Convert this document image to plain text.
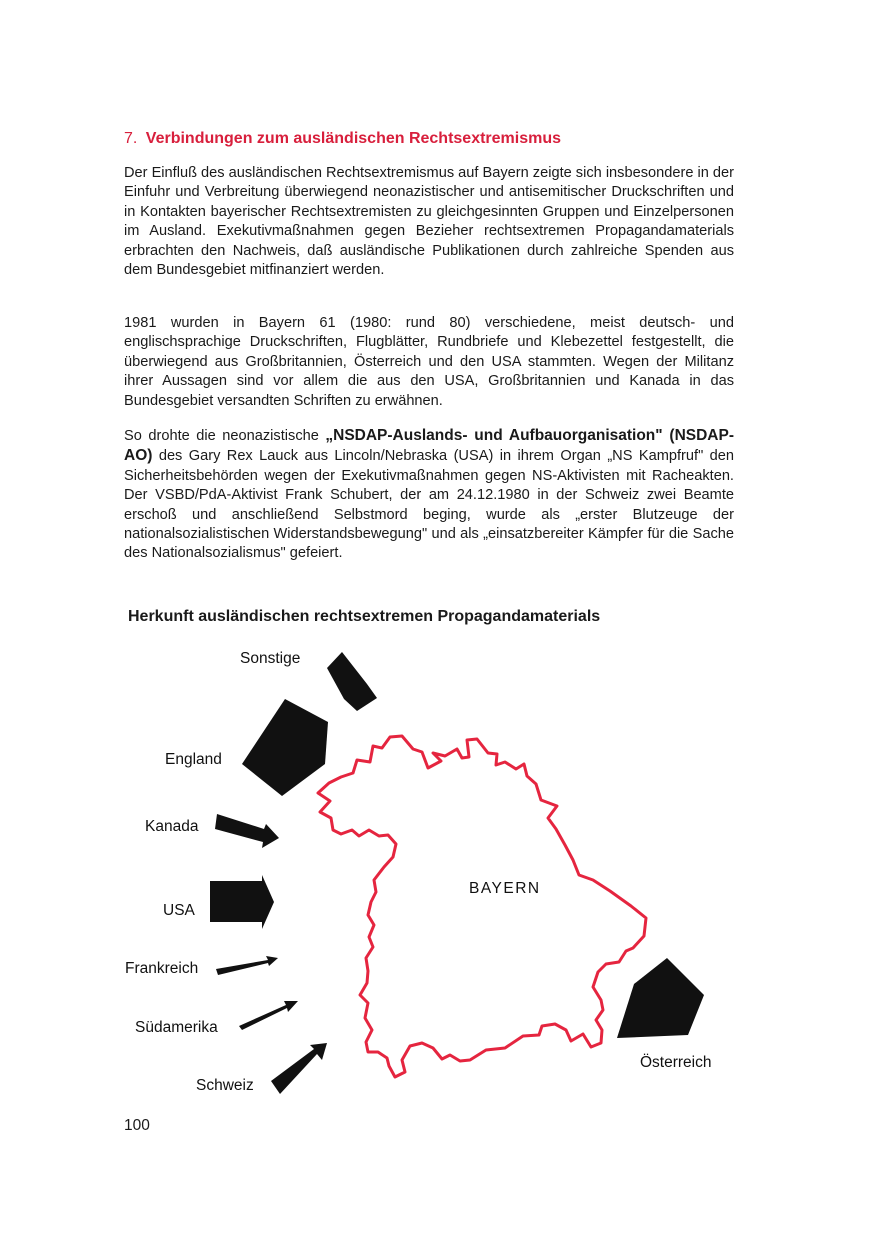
7. Verbindungen zum ausländischen Rechtsextremismus

Der Einfluß des ausländischen Rechtsextremismus auf Bayern zeigte sich insbesondere in der Einfuhr und Verbreitung überwiegend neonazistischer und antisemitischer Druckschriften und in Kontakten bayerischer Rechtsextremisten zu gleichgesinnten Gruppen und Einzelpersonen im Ausland. Exekutivmaßnahmen gegen Bezieher rechtsextremen Propagandamaterials erbrachten den Nachweis, daß ausländische Publikationen durch zahlreiche Spenden aus dem Bundesgebiet mitfinanziert werden.

1981 wurden in Bayern 61 (1980: rund 80) verschiedene, meist deutsch- und englischsprachige Druckschriften, Flugblätter, Rundbriefe und Klebezettel festgestellt, die überwiegend aus Großbritannien, Österreich und den USA stammten. Wegen der Militanz ihrer Aussagen sind vor allem die aus den USA, Großbritannien und Kanada in das Bundesgebiet versandten Schriften zu erwähnen.

So drohte die neonazistische „NSDAP-Auslands- und Aufbauorganisation" (NSDAP-AO) des Gary Rex Lauck aus Lincoln/Nebraska (USA) in ihrem Organ „NS Kampfruf" den Sicherheitsbehörden wegen der Exekutivmaßnahmen gegen NS-Aktivisten mit Racheakten. Der VSBD/PdA-Aktivist Frank Schubert, der am 24.12.1980 in der Schweiz zwei Beamte erschoß und anschließend Selbstmord beging, wurde als „erster Blutzeuge der nationalsozialistischen Widerstandsbewegung" und als „einsatzbereiter Kämpfer für die Sache des Nationalsozialismus" gefeiert.

Herkunft ausländischen rechtsextremen Propagandamaterials
Sonstige
England
Kanada
USA
Frankreich
Südamerika
Schweiz
Österreich
BAYERN
100
